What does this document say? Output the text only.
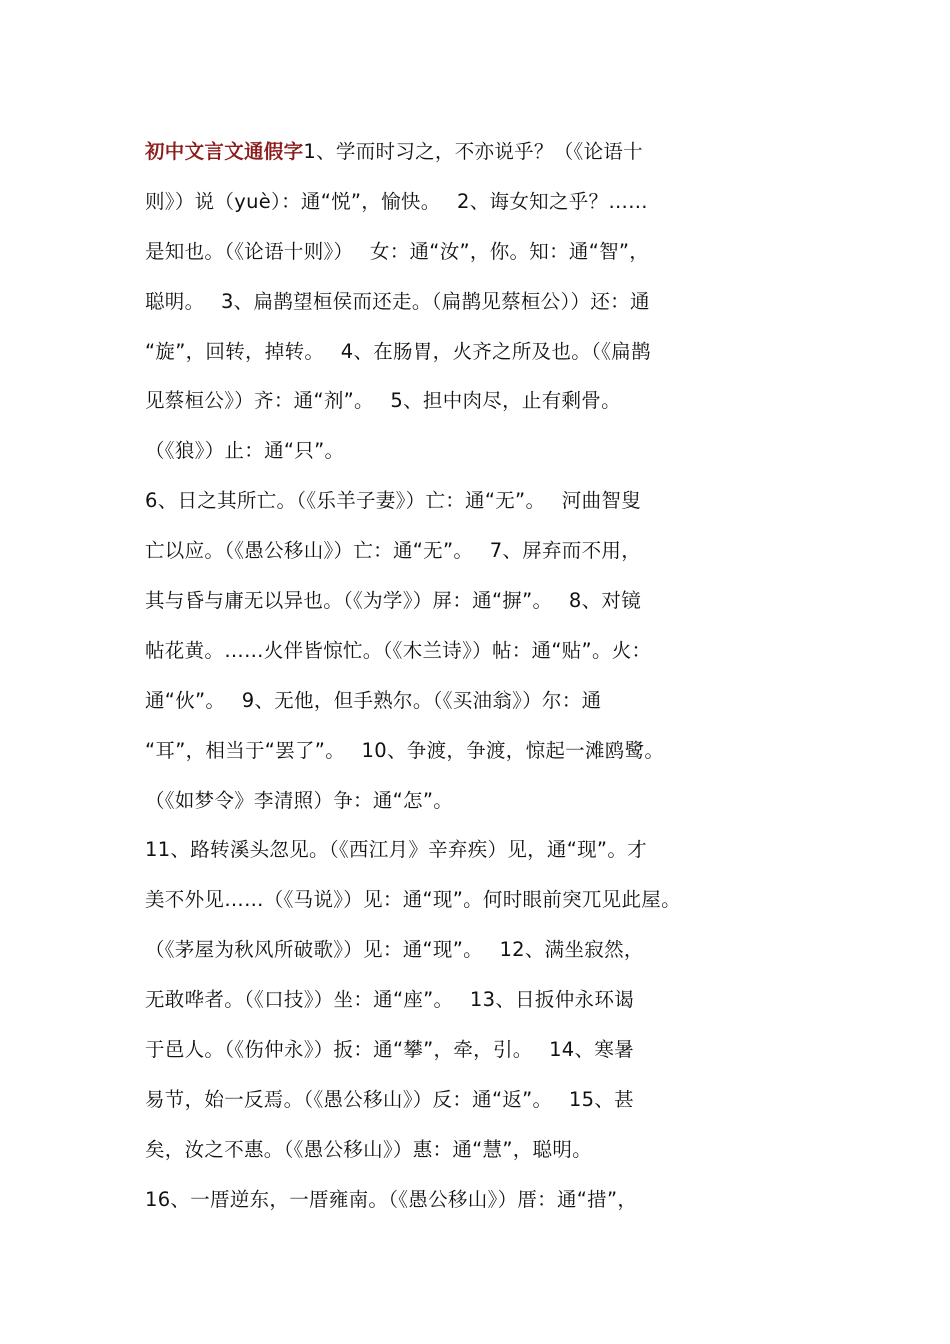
初中文言文通假字1、学而时习之，不亦说乎？（《论语十
则》）说（yuè）：通“悦”，愉快。　 2、诲女知之乎？……
是知也。（《论语十则》）　 女：通“汝”，你。知：通“智”，
聪明。　 3、扁鹊望桓侯而还走。（扁鹊见蔡桓公））还：通
“旋”，回转，掉转。　 4、在肠胃，火齐之所及也。（《扁鹊
见蔡桓公》）齐：通“剂”。　 5、担中肉尽，止有剩骨。
（《狼》）止：通“只”。
6、日之其所亡。（《乐羊子妻》）亡：通“无”。　 河曲智叟
亡以应。（《愚公移山》）亡：通“无”。　 7、屏弃而不用，
其与昏与庸无以异也。（《为学》）屏：通“摒”。　 8、对镜
帖花黄。……火伴皆惊忙。（《木兰诗》）帖：通“贴”。火：
通“伙”。　 9、无他，但手熟尔。（《买油翁》）尔：通
“耳”，相当于“罢了”。　 10、争渡，争渡，惊起一滩鸥鹭。
（《如梦令》李清照）争：通“怎”。
11、路转溪头忽见。（《西江月》辛弃疾）见，通“现”。才
美不外见……（《马说》）见：通“现”。何时眼前突兀见此屋。
（《茅屋为秋风所破歌》）见：通“现”。　 12、满坐寂然，
无敢哗者。（《口技》）坐：通“座”。　 13、日扳仲永环谒
于邑人。（《伤仲永》）扳：通“攀”，牵，引。　 14、寒暑
易节，始一反焉。（《愚公移山》）反：通“返”。　 15、甚
矣，汝之不惠。（《愚公移山》）惠：通“慧”，聪明。
16、一厝逆东，一厝雍南。（《愚公移山》）厝：通“措”，
